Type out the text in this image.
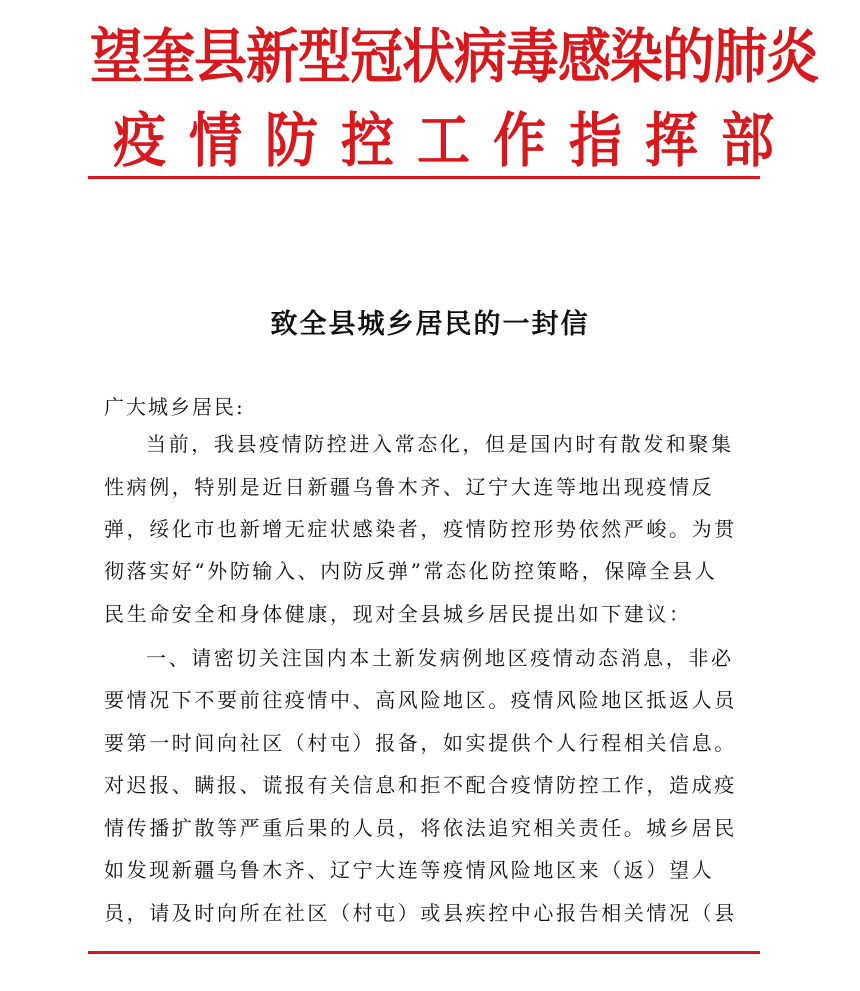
望奎县新型冠状病毒感染的肺炎
疫情防控工作指挥部
致全县城乡居民的一封信
广大城乡居民:
当前，我县疫情防控进入常态化，但是国内时有散发和聚集
性病例，特别是近日新疆乌鲁木齐、辽宁大连等地出现疫情反
弹，绥化市也新增无症状感染者，疫情防控形势依然严峻。为贯
彻落实好“外防输入、内防反弹”常态化防控策略，保障全县人
民生命安全和身体健康，现对全县城乡居民提出如下建议：
一、请密切关注国内本土新发病例地区疫情动态消息，非必
要情况下不要前往疫情中、高风险地区。疫情风险地区抵返人员
要第一时间向社区（村屯）报备，如实提供个人行程相关信息。
对迟报、瞒报、谎报有关信息和拒不配合疫情防控工作，造成疫
情传播扩散等严重后果的人员，将依法追究相关责任。城乡居民
如发现新疆乌鲁木齐、辽宁大连等疫情风险地区来（返）望人
员，请及时向所在社区（村屯）或县疾控中心报告相关情况（县
